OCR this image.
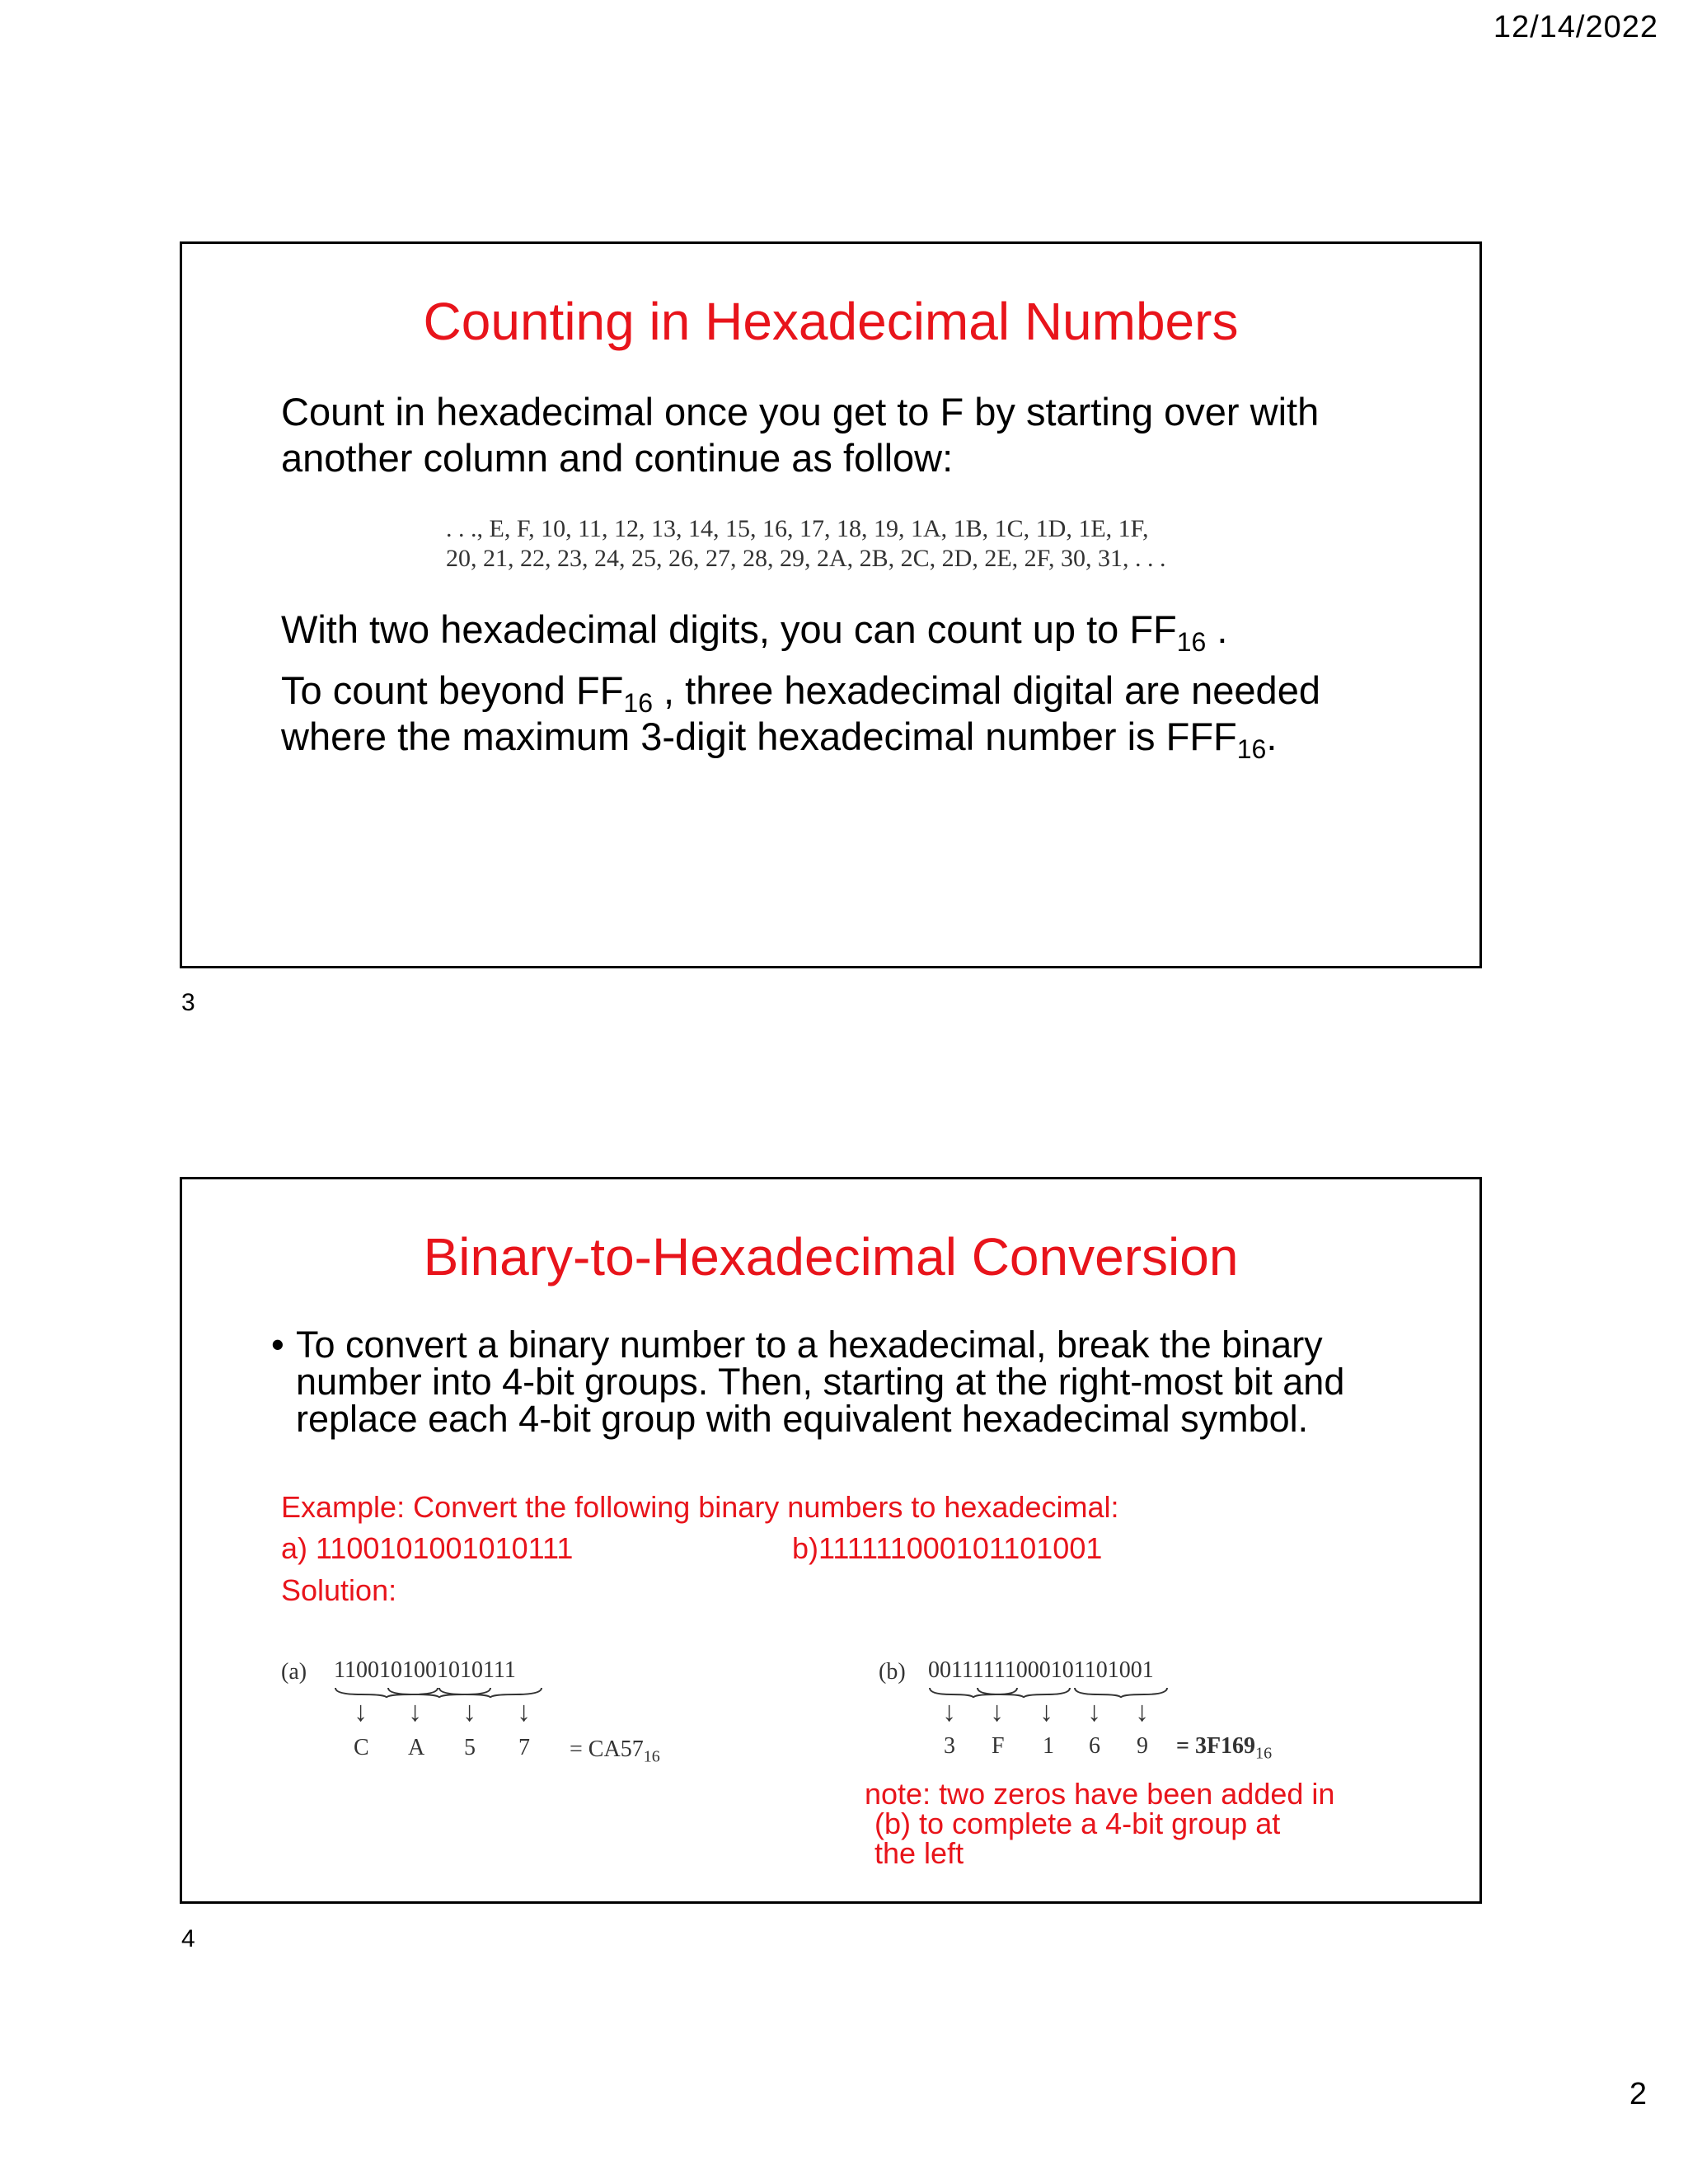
12/14/2022
2
Counting in Hexadecimal Numbers
Count in hexadecimal once you get to F by starting over with
another column and continue as follow:
. . ., E, F, 10, 11, 12, 13, 14, 15, 16, 17, 18, 19, 1A, 1B, 1C, 1D, 1E, 1F,
20, 21, 22, 23, 24, 25, 26, 27, 28, 29, 2A, 2B, 2C, 2D, 2E, 2F, 30, 31, . . .
With two hexadecimal digits, you can count up to $FF_{16}$ .
To count beyond $FF_{16}$ , three hexadecimal digital are needed
where the maximum 3-digit hexadecimal number is $FFF_{16}$.
3
Binary-to-Hexadecimal Conversion
• To convert a binary number to a hexadecimal, break the binary
number into 4-bit groups. Then, starting at the right-most bit and
replace each 4-bit group with equivalent hexadecimal symbol.
Example: Convert the following binary numbers to hexadecimal:
a) 1100101001010111
Solution:
b)111111000101101001
(a) 1100101001010111
↓ ↓ ↓ ↓
C A 5 $7 = CA57_{16}$
(b) 00111111000101101001
↓ ↓ ↓ ↓ ↓
3 F 1 6 $9 = 3F169_{16}$
note: two zeros have been added in
(b) to complete a 4-bit group at
the left
4
